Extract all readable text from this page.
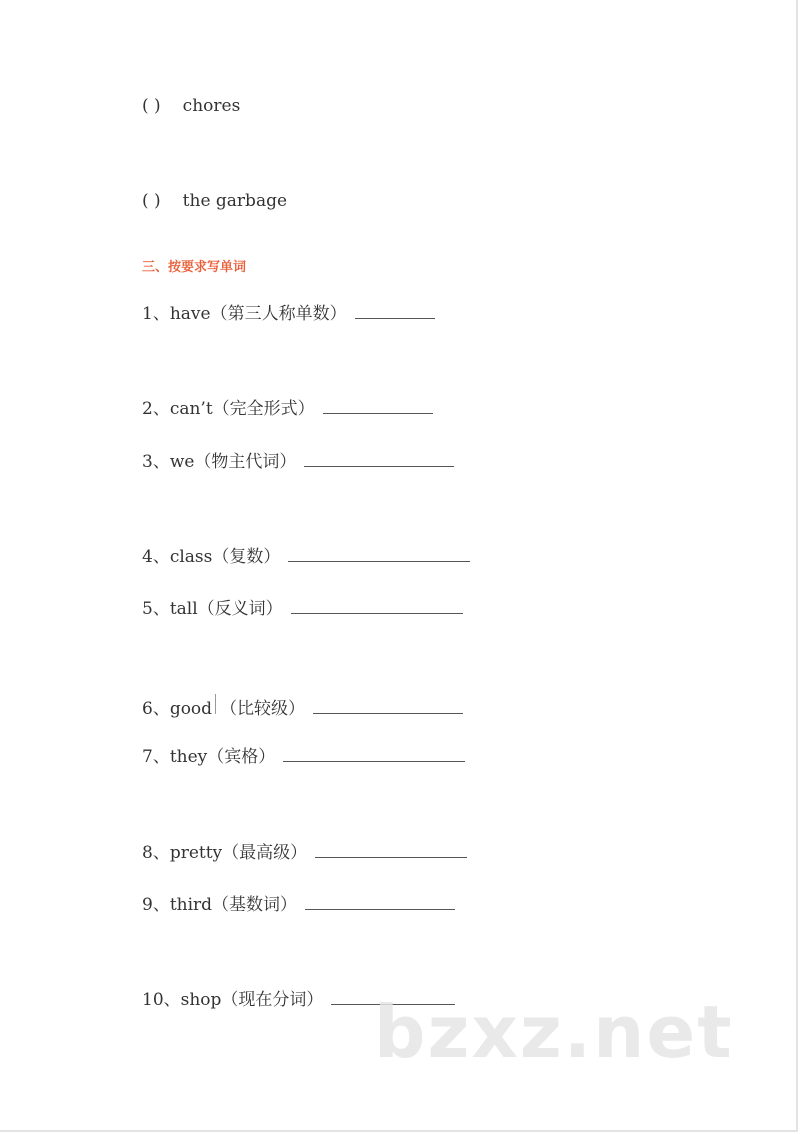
( ) chores
( ) the garbage
三、按要求写单词
1、have（第三人称单数）
2、can’t（完全形式）
3、we（物主代词）
4、class（复数）
5、tall（反义词）
6、good （比较级）
7、they（宾格）
8、pretty（最高级）
9、third（基数词）
10、shop（现在分词） bzxz.net
